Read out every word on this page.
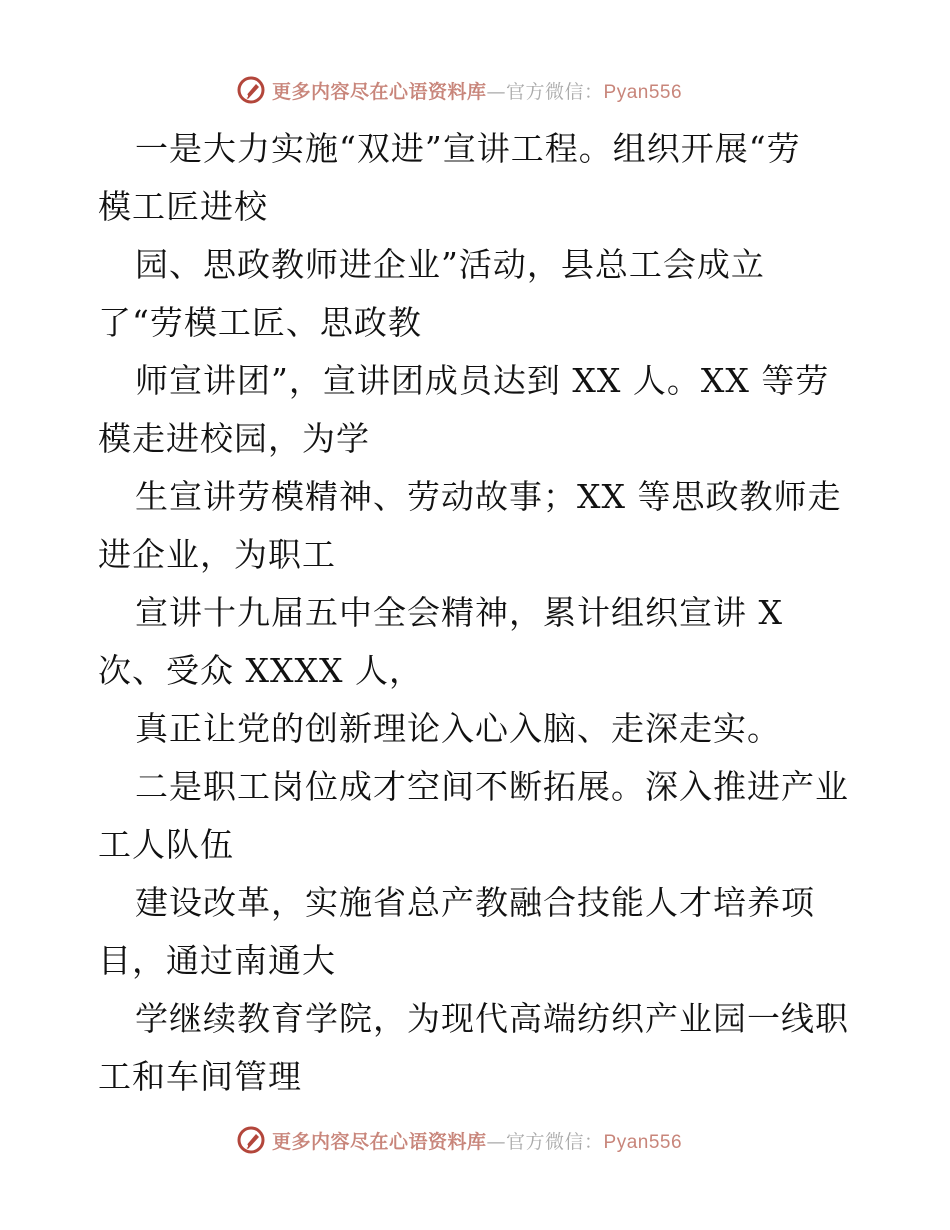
更多内容尽在心语资料库—官方微信：Pyan556
一是大力实施“双进”宣讲工程。组织开展“劳
模工匠进校
园、思政教师进企业”活动，县总工会成立
了“劳模工匠、思政教
师宣讲团”，宣讲团成员达到 XX 人。XX 等劳
模走进校园，为学
生宣讲劳模精神、劳动故事；XX 等思政教师走
进企业，为职工
宣讲十九届五中全会精神，累计组织宣讲 X
次、受众 XXXX 人，
真正让党的创新理论入心入脑、走深走实。
二是职工岗位成才空间不断拓展。深入推进产业
工人队伍
建设改革，实施省总产教融合技能人才培养项
目，通过南通大
学继续教育学院，为现代高端纺织产业园一线职
工和车间管理
更多内容尽在心语资料库—官方微信：Pyan556
